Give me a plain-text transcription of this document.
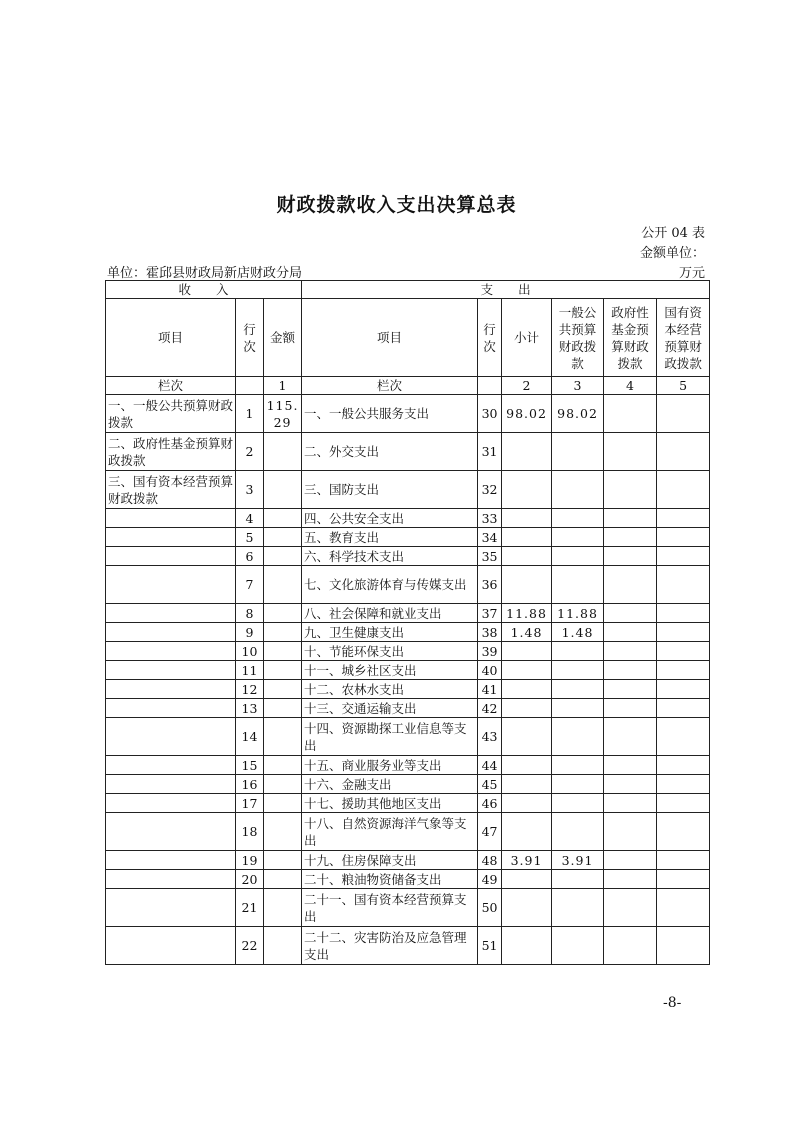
财政拨款收入支出决算总表
公开 04 表
金额单位：
单位：霍邱县财政局新店财政分局	万元
收　　入			支　　出					
项目	行次	金额	项目	行次	小计	一般公共预算财政拨款	政府性基金预算财政拨款	国有资本经营预算财政拨款
栏次		1	栏次		2	3	4	5
一、一般公共预算财政拨款	1	115.29	一、一般公共服务支出	30	98.02	98.02		
二、政府性基金预算财政拨款	2		二、外交支出	31				
三、国有资本经营预算财政拨款	3		三、国防支出	32				
	4		四、公共安全支出	33				
	5		五、教育支出	34				
	6		六、科学技术支出	35				
	7		七、文化旅游体育与传媒支出	36				
	8		八、社会保障和就业支出	37	11.88	11.88		
	9		九、卫生健康支出	38	1.48	1.48		
	10		十、节能环保支出	39				
	11		十一、城乡社区支出	40				
	12		十二、农林水支出	41				
	13		十三、交通运输支出	42				
	14		十四、资源勘探工业信息等支出	43				
	15		十五、商业服务业等支出	44				
	16		十六、金融支出	45				
	17		十七、援助其他地区支出	46				
	18		十八、自然资源海洋气象等支出	47				
	19		十九、住房保障支出	48	3.91	3.91		
	20		二十、粮油物资储备支出	49				
	21		二十一、国有资本经营预算支出	50				
	22		二十二、灾害防治及应急管理支出	51				
-8-
